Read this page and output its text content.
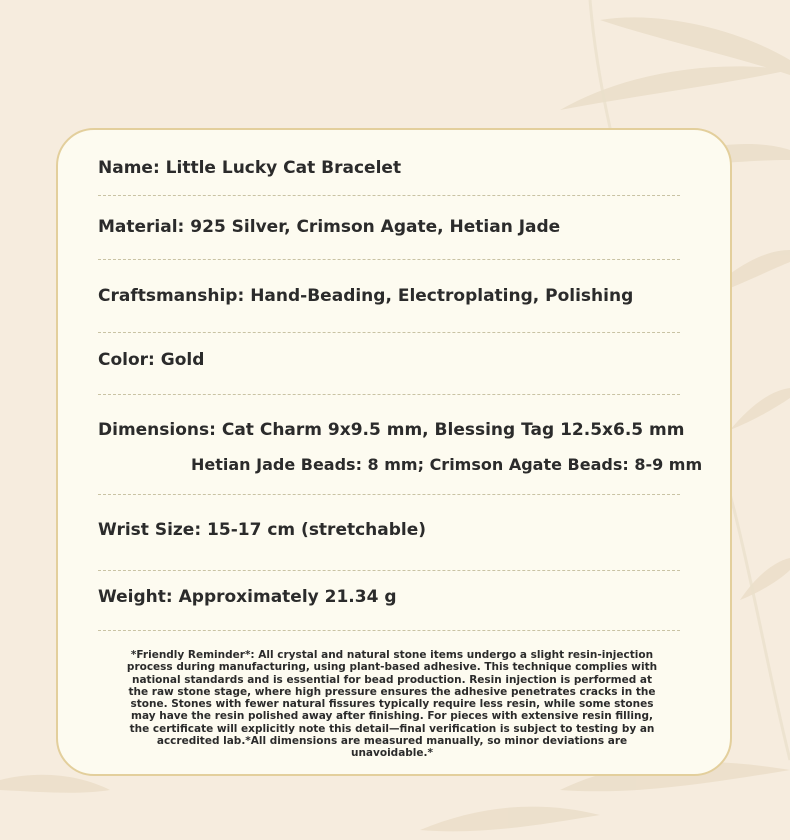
Name: Little Lucky Cat Bracelet
Material: 925 Silver, Crimson Agate, Hetian Jade
Craftsmanship: Hand-Beading, Electroplating, Polishing
Color: Gold
Dimensions: Cat Charm 9x9.5 mm, Blessing Tag 12.5x6.5 mm
Hetian Jade Beads: 8 mm; Crimson Agate Beads: 8-9 mm
Wrist Size: 15-17 cm (stretchable)
Weight: Approximately 21.34 g
*Friendly Reminder*: All crystal and natural stone items undergo a slight resin-injection process during manufacturing, using plant-based adhesive. This technique complies with national standards and is essential for bead production. Resin injection is performed at the raw stone stage, where high pressure ensures the adhesive penetrates cracks in the stone. Stones with fewer natural fissures typically require less resin, while some stones may have the resin polished away after finishing. For pieces with extensive resin filling, the certificate will explicitly note this detail—final verification is subject to testing by an accredited lab.*All dimensions are measured manually, so minor deviations are unavoidable.*
